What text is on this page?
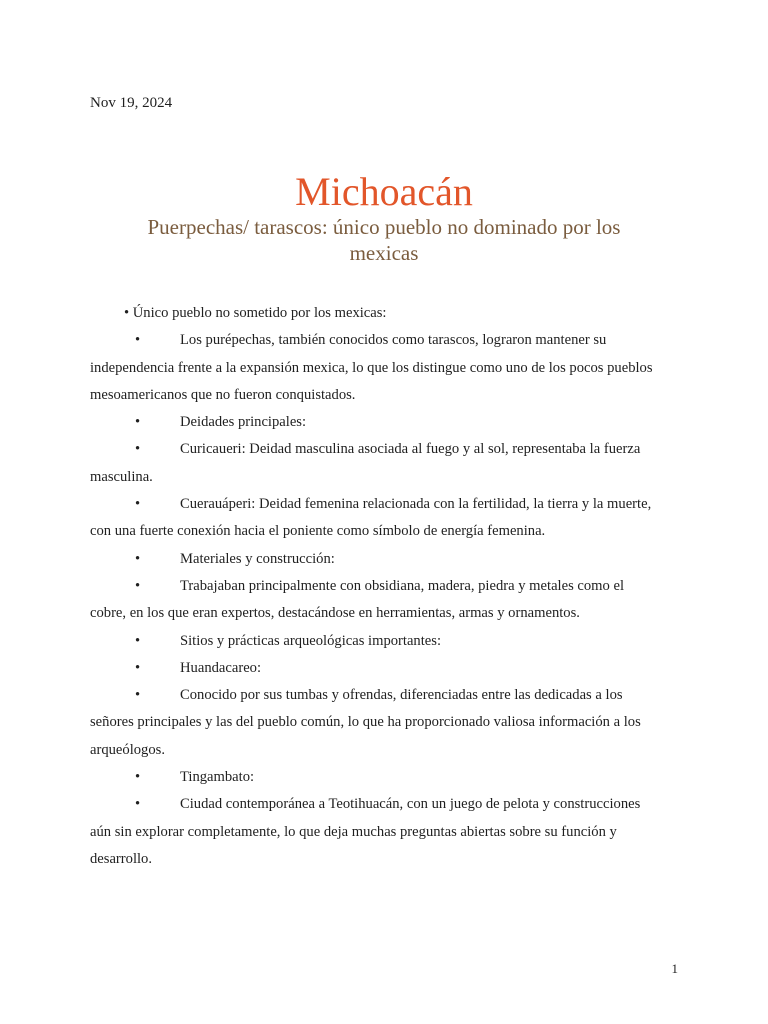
Nov 19, 2024
Michoacán
Puerpechas/ tarascos: único pueblo no dominado por los
mexicas

• Único pueblo no sometido por los mexicas:

•	Los purépechas, también conocidos como tarascos, lograron mantener su

independencia frente a la expansión mexica, lo que los distingue como uno de los pocos pueblos

mesoamericanos que no fueron conquistados.

•	Deidades principales:

•	Curicaueri: Deidad masculina asociada al fuego y al sol, representaba la fuerza

masculina.

•	Cuerauáperi: Deidad femenina relacionada con la fertilidad, la tierra y la muerte,

con una fuerte conexión hacia el poniente como símbolo de energía femenina.

•	Materiales y construcción:

•	Trabajaban principalmente con obsidiana, madera, piedra y metales como el

cobre, en los que eran expertos, destacándose en herramientas, armas y ornamentos.

•	Sitios y prácticas arqueológicas importantes:

•	Huandacareo:

•	Conocido por sus tumbas y ofrendas, diferenciadas entre las dedicadas a los

señores principales y las del pueblo común, lo que ha proporcionado valiosa información a los

arqueólogos.

•	Tingambato:

•	Ciudad contemporánea a Teotihuacán, con un juego de pelota y construcciones

aún sin explorar completamente, lo que deja muchas preguntas abiertas sobre su función y

desarrollo.

1
